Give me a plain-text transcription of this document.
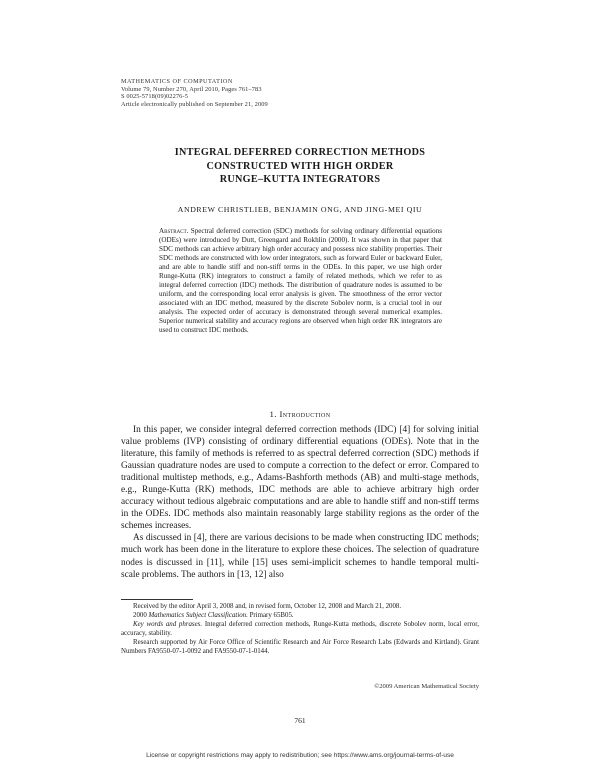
MATHEMATICS OF COMPUTATION
Volume 79, Number 270, April 2010, Pages 761–783
S 0025-5718(09)02276-5
Article electronically published on September 21, 2009
INTEGRAL DEFERRED CORRECTION METHODS
CONSTRUCTED WITH HIGH ORDER
RUNGE–KUTTA INTEGRATORS
ANDREW CHRISTLIEB, BENJAMIN ONG, AND JING-MEI QIU
Abstract. Spectral deferred correction (SDC) methods for solving ordinary differential equations (ODEs) were introduced by Dutt, Greengard and Rokhlin (2000). It was shown in that paper that SDC methods can achieve arbitrary high order accuracy and possess nice stability properties. Their SDC methods are constructed with low order integrators, such as forward Euler or backward Euler, and are able to handle stiff and non-stiff terms in the ODEs. In this paper, we use high order Runge-Kutta (RK) integrators to construct a family of related methods, which we refer to as integral deferred correction (IDC) methods. The distribution of quadrature nodes is assumed to be uniform, and the corresponding local error analysis is given. The smoothness of the error vector associated with an IDC method, measured by the discrete Sobolev norm, is a crucial tool in our analysis. The expected order of accuracy is demonstrated through several numerical examples. Superior numerical stability and accuracy regions are observed when high order RK integrators are used to construct IDC methods.
1. Introduction

In this paper, we consider integral deferred correction methods (IDC) [4] for solving initial value problems (IVP) consisting of ordinary differential equations (ODEs). Note that in the literature, this family of methods is referred to as spectral deferred correction (SDC) methods if Gaussian quadrature nodes are used to compute a correction to the defect or error. Compared to traditional multistep methods, e.g., Adams-Bashforth methods (AB) and multi-stage methods, e.g., Runge-Kutta (RK) methods, IDC methods are able to achieve arbitrary high order accuracy without tedious algebraic computations and are able to handle stiff and non-stiff terms in the ODEs. IDC methods also maintain reasonably large stability regions as the order of the schemes increases.

As discussed in [4], there are various decisions to be made when constructing IDC methods; much work has been done in the literature to explore these choices. The selection of quadrature nodes is discussed in [11], while [15] uses semi-implicit schemes to handle temporal multi-scale problems. The authors in [13, 12] also

Received by the editor April 3, 2008 and, in revised form, October 12, 2008 and March 21, 2008.

2000 Mathematics Subject Classification. Primary 65B05.

Key words and phrases. Integral deferred correction methods, Runge-Kutta methods, discrete Sobolev norm, local error, accuracy, stability.

Research supported by Air Force Office of Scientific Research and Air Force Research Labs (Edwards and Kirtland). Grant Numbers FA9550-07-1-0092 and FA9550-07-1-0144.

©2009 American Mathematical Society
761
License or copyright restrictions may apply to redistribution; see https://www.ams.org/journal-terms-of-use
